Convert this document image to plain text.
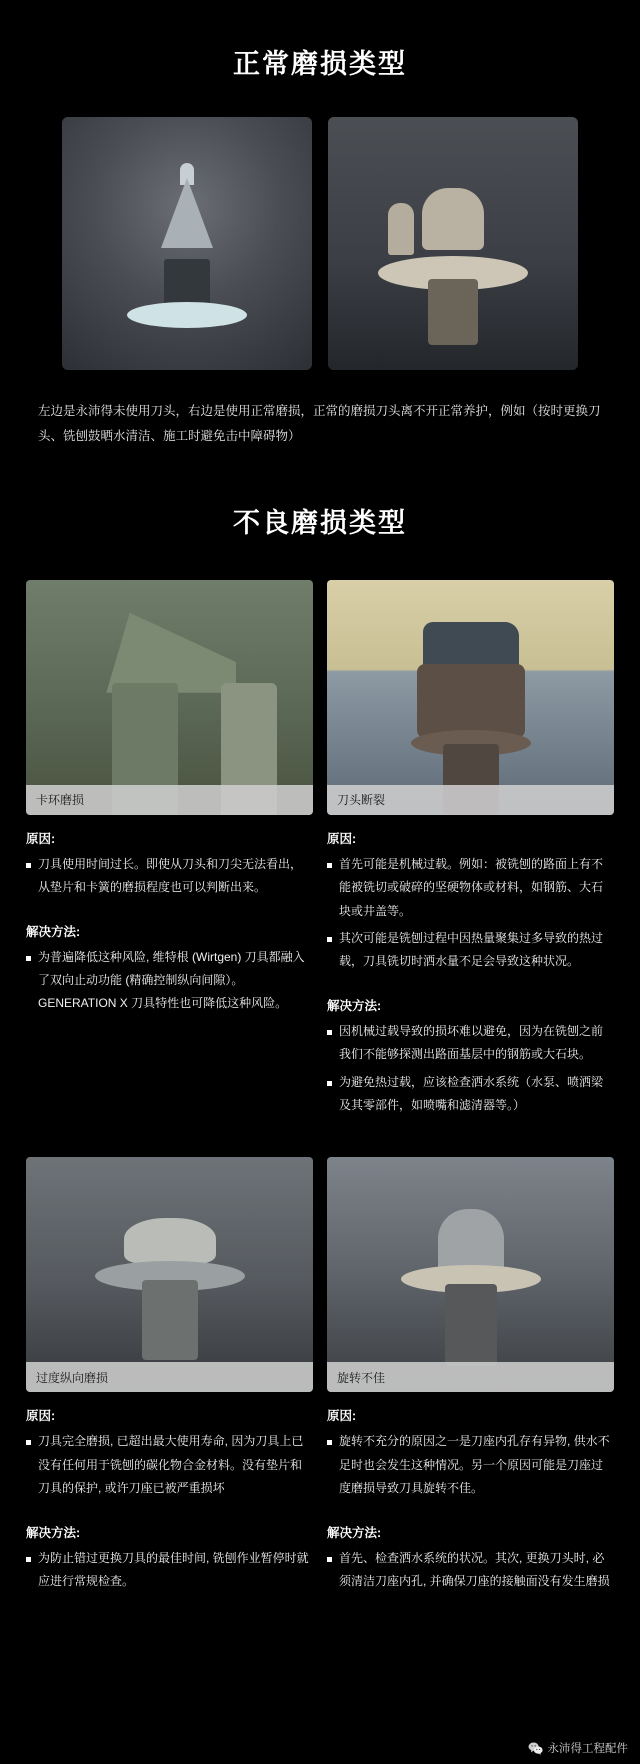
正常磨损类型

左边是永沛得未使用刀头，右边是使用正常磨损，正常的磨损刀头离不开正常养护，例如（按时更换刀头、铣刨鼓晒水清洁、施工时避免击中障碍物）

不良磨损类型
卡环磨损
原因:
刀具使用时间过长。即使从刀头和刀尖无法看出，从垫片和卡簧的磨损程度也可以判断出来。
解决方法:
为普遍降低这种风险, 维特根 (Wirtgen) 刀具都融入了双向止动功能 (精确控制纵向间隙）。GENERATION X 刀具特性也可降低这种风险。
刀头断裂
原因:
首先可能是机械过载。例如：被铣刨的路面上有不能被铣切或破碎的坚硬物体或材料，如钢筋、大石块或井盖等。
其次可能是铣刨过程中因热量聚集过多导致的热过载，刀具铣切时洒水量不足会导致这种状况。
解决方法:
因机械过载导致的损坏难以避免，因为在铣刨之前我们不能够探测出路面基层中的钢筋或大石块。
为避免热过载，应该检查洒水系统（水泵、喷洒梁及其零部件，如喷嘴和滤清器等。）
过度纵向磨损
原因:
刀具完全磨损, 已超出最大使用寿命, 因为刀具上已没有任何用于铣刨的碳化物合金材料。没有垫片和刀具的保护, 或许刀座已被严重损坏
解决方法:
为防止错过更换刀具的最佳时间, 铣刨作业暂停时就应进行常规检查。
旋转不佳
原因:
旋转不充分的原因之一是刀座内孔存有异物, 供水不足时也会发生这种情况。另一个原因可能是刀座过度磨损导致刀具旋转不佳。
解决方法:
首先、检查洒水系统的状况。其次, 更换刀头时, 必须清洁刀座内孔, 并确保刀座的接触面没有发生磨损
永沛得工程配件
